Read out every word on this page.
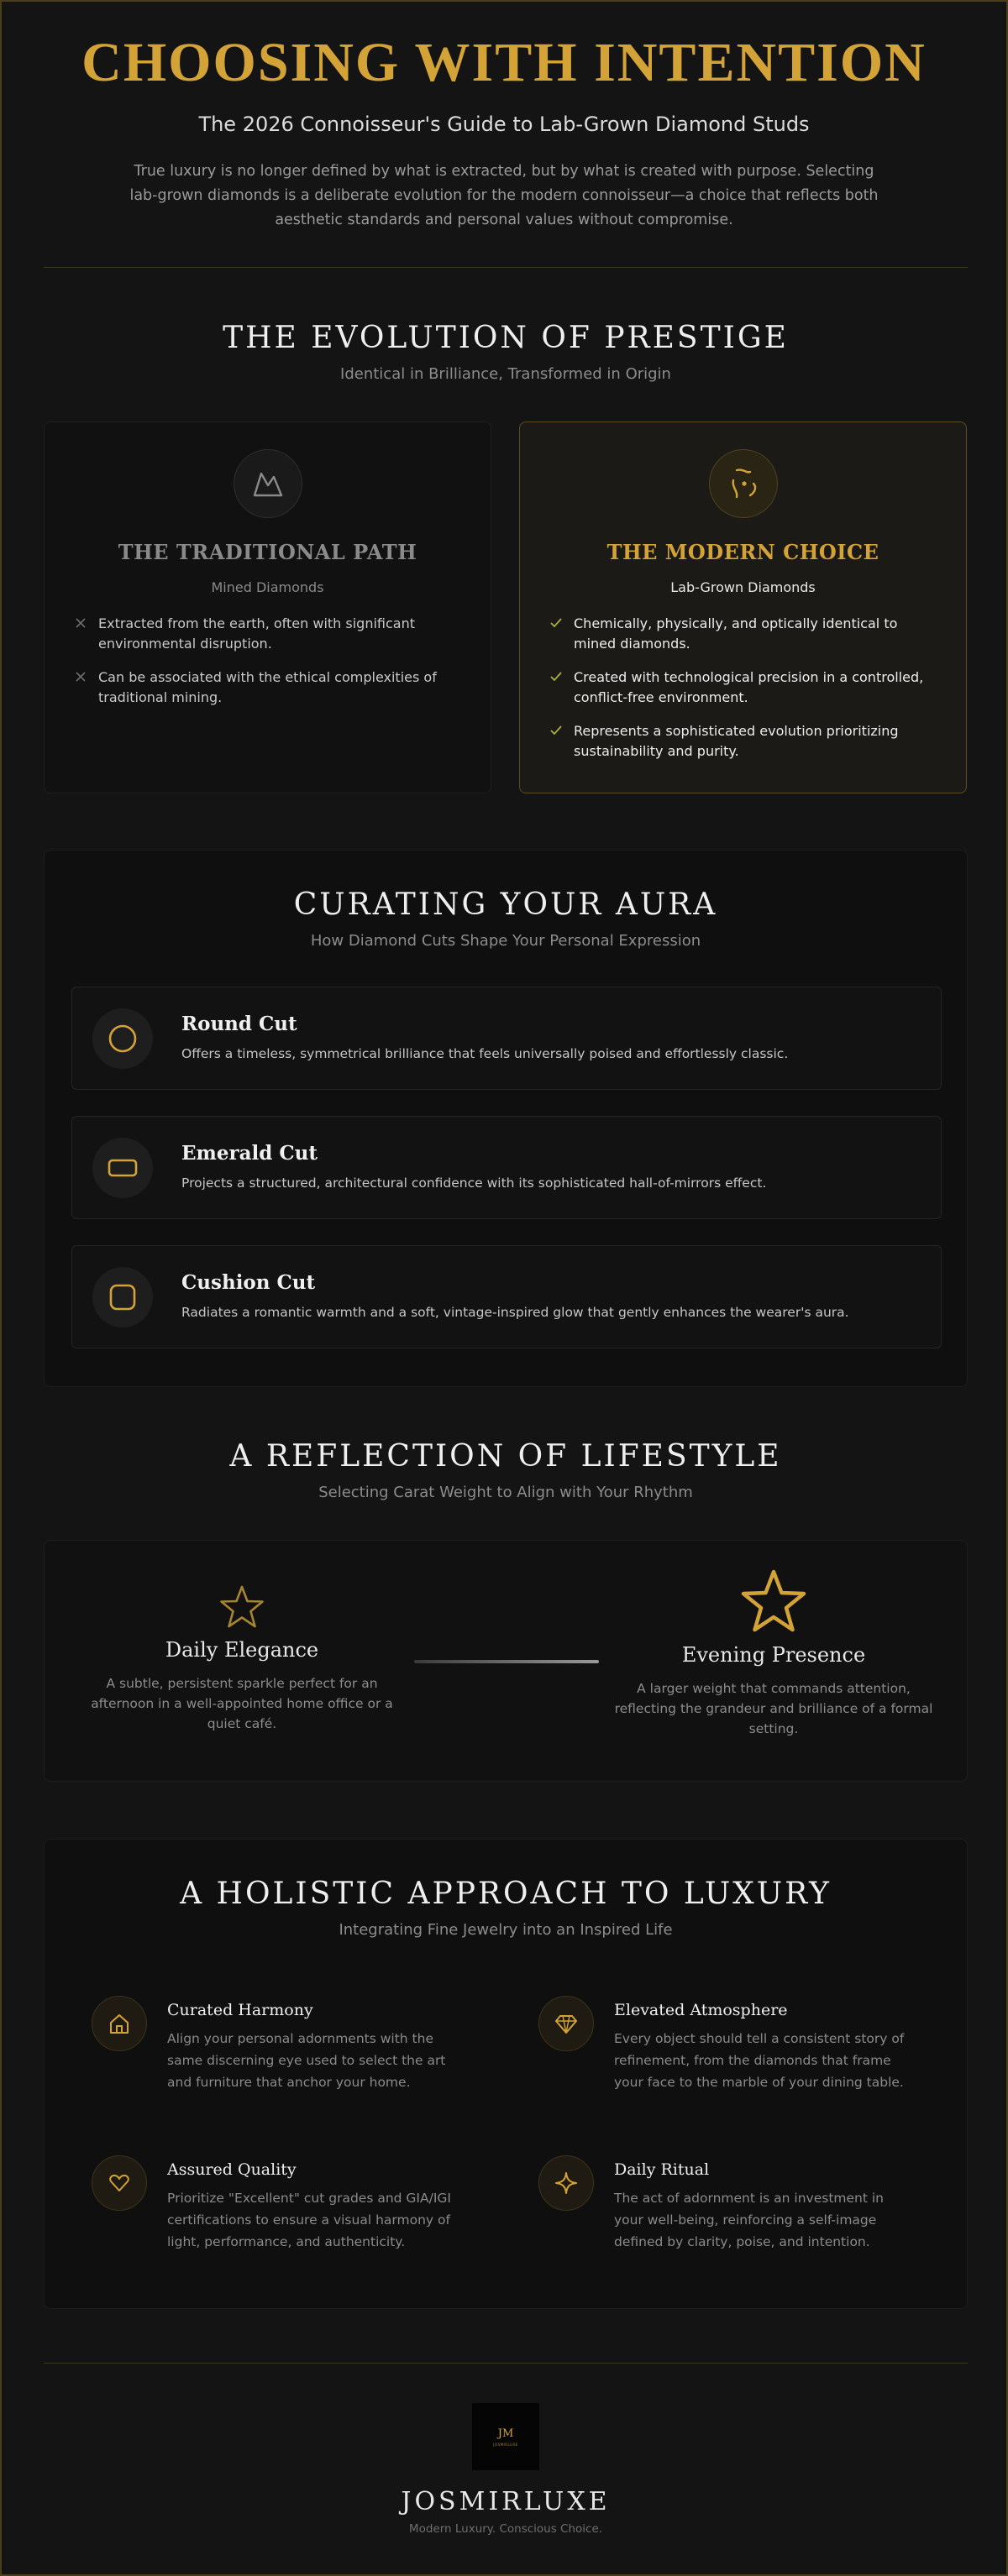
CHOOSING WITH INTENTION
The 2026 Connoisseur's Guide to Lab-Grown Diamond Studs

True luxury is no longer defined by what is extracted, but by what is created with purpose. Selecting lab-grown diamonds is a deliberate evolution for the modern connoisseur—a choice that reflects both aesthetic standards and personal values without compromise.

THE EVOLUTION OF PRESTIGE
Identical in Brilliance, Transformed in Origin
THE TRADITIONAL PATH
Mined Diamonds
Extracted from the earth, often with significant environmental disruption.
Can be associated with the ethical complexities of traditional mining.
THE MODERN CHOICE
Lab-Grown Diamonds
Chemically, physically, and optically identical to mined diamonds.
Created with technological precision in a controlled, conflict-free environment.
Represents a sophisticated evolution prioritizing sustainability and purity.
CURATING YOUR AURA
How Diamond Cuts Shape Your Personal Expression
Round Cut
Offers a timeless, symmetrical brilliance that feels universally poised and effortlessly classic.
Emerald Cut
Projects a structured, architectural confidence with its sophisticated hall-of-mirrors effect.
Cushion Cut
Radiates a romantic warmth and a soft, vintage-inspired glow that gently enhances the wearer's aura.
A REFLECTION OF LIFESTYLE
Selecting Carat Weight to Align with Your Rhythm
Daily Elegance
A subtle, persistent sparkle perfect for an afternoon in a well-appointed home office or a quiet café.
Evening Presence
A larger weight that commands attention, reflecting the grandeur and brilliance of a formal setting.
A HOLISTIC APPROACH TO LUXURY
Integrating Fine Jewelry into an Inspired Life
Curated Harmony
Align your personal adornments with the same discerning eye used to select the art and furniture that anchor your home.
Elevated Atmosphere
Every object should tell a consistent story of refinement, from the diamonds that frame your face to the marble of your dining table.
Assured Quality
Prioritize "Excellent" cut grades and GIA/IGI certifications to ensure a visual harmony of light, performance, and authenticity.
Daily Ritual
The act of adornment is an investment in your well-being, reinforcing a self-image defined by clarity, poise, and intention.
JM
JOSMIRLUXE
JOSMIRLUXE
Modern Luxury. Conscious Choice.
